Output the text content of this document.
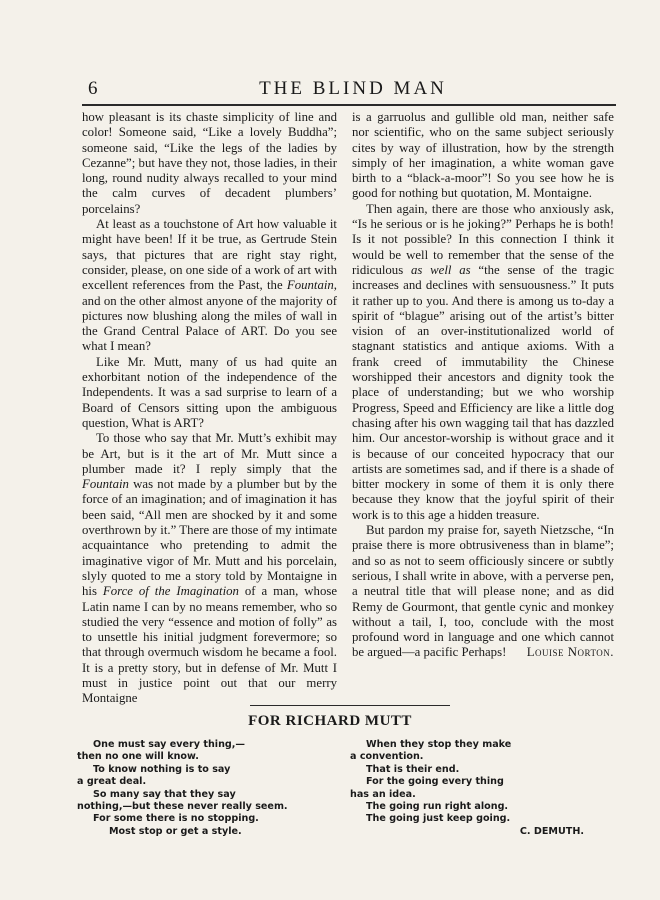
6	THE BLIND MAN

how pleasant is its chaste simplicity of line and color! Someone said, “Like a lovely Buddha”; someone said, “Like the legs of the ladies by Cezanne”; but have they not, those ladies, in their long, round nudity always recalled to your mind the calm curves of decadent plumbers’ porcelains?

At least as a touchstone of Art how valuable it might have been! If it be true, as Gertrude Stein says, that pictures that are right stay right, consider, please, on one side of a work of art with excellent references from the Past, the Fountain, and on the other almost anyone of the majority of pictures now blushing along the miles of wall in the Grand Central Palace of ART. Do you see what I mean?

Like Mr. Mutt, many of us had quite an exhorbitant notion of the independence of the Independents. It was a sad surprise to learn of a Board of Censors sitting upon the ambiguous question, What is ART?

To those who say that Mr. Mutt’s exhibit may be Art, but is it the art of Mr. Mutt since a plumber made it? I reply simply that the Fountain was not made by a plumber but by the force of an imagination; and of imagination it has been said, “All men are shocked by it and some overthrown by it.” There are those of my intimate acquaintance who pretending to admit the imaginative vigor of Mr. Mutt and his porcelain, slyly quoted to me a story told by Montaigne in his Force of the Imagination of a man, whose Latin name I can by no means remember, who so studied the very “essence and motion of folly” as to unsettle his initial judgment forevermore; so that through overmuch wisdom he became a fool. It is a pretty story, but in defense of Mr. Mutt I must in justice point out that our merry Montaigne

is a garruolus and gullible old man, neither safe nor scientific, who on the same subject seriously cites by way of illustration, how by the strength simply of her imagination, a white woman gave birth to a “black-a-moor”! So you see how he is good for nothing but quotation, M. Montaigne.

Then again, there are those who anxiously ask, “Is he serious or is he joking?” Perhaps he is both! Is it not possible? In this connection I think it would be well to remember that the sense of the ridiculous as well as “the sense of the tragic increases and declines with sensuousness.” It puts it rather up to you. And there is among us to-day a spirit of “blague” arising out of the artist’s bitter vision of an over-institutionalized world of stagnant statistics and antique axioms. With a frank creed of immutability the Chinese worshipped their ancestors and dignity took the place of understanding; but we who worship Progress, Speed and Efficiency are like a little dog chasing after his own wagging tail that has dazzled him. Our ancestor-worship is without grace and it is because of our conceited hypocracy that our artists are sometimes sad, and if there is a shade of bitter mockery in some of them it is only there because they know that the joyful spirit of their work is to this age a hidden treasure.

But pardon my praise for, sayeth Nietzsche, “In praise there is more obtrusiveness than in blame”; and so as not to seem officiously sincere or subtly serious, I shall write in above, with a perverse pen, a neutral title that will please none; and as did Remy de Gourmont, that gentle cynic and monkey without a tail, I, too, conclude with the most profound word in language and one which cannot be argued—a pacific Perhaps!	Louise Norton.
FOR RICHARD MUTT
One must say every thing,—
then no one will know.
To know nothing is to say
a great deal.
So many say that they say
nothing,—but these never really seem.
For some there is no stopping.
Most stop or get a style.
When they stop they make
a convention.
That is their end.
For the going every thing
has an idea.
The going run right along.
The going just keep going.
C. DEMUTH.
